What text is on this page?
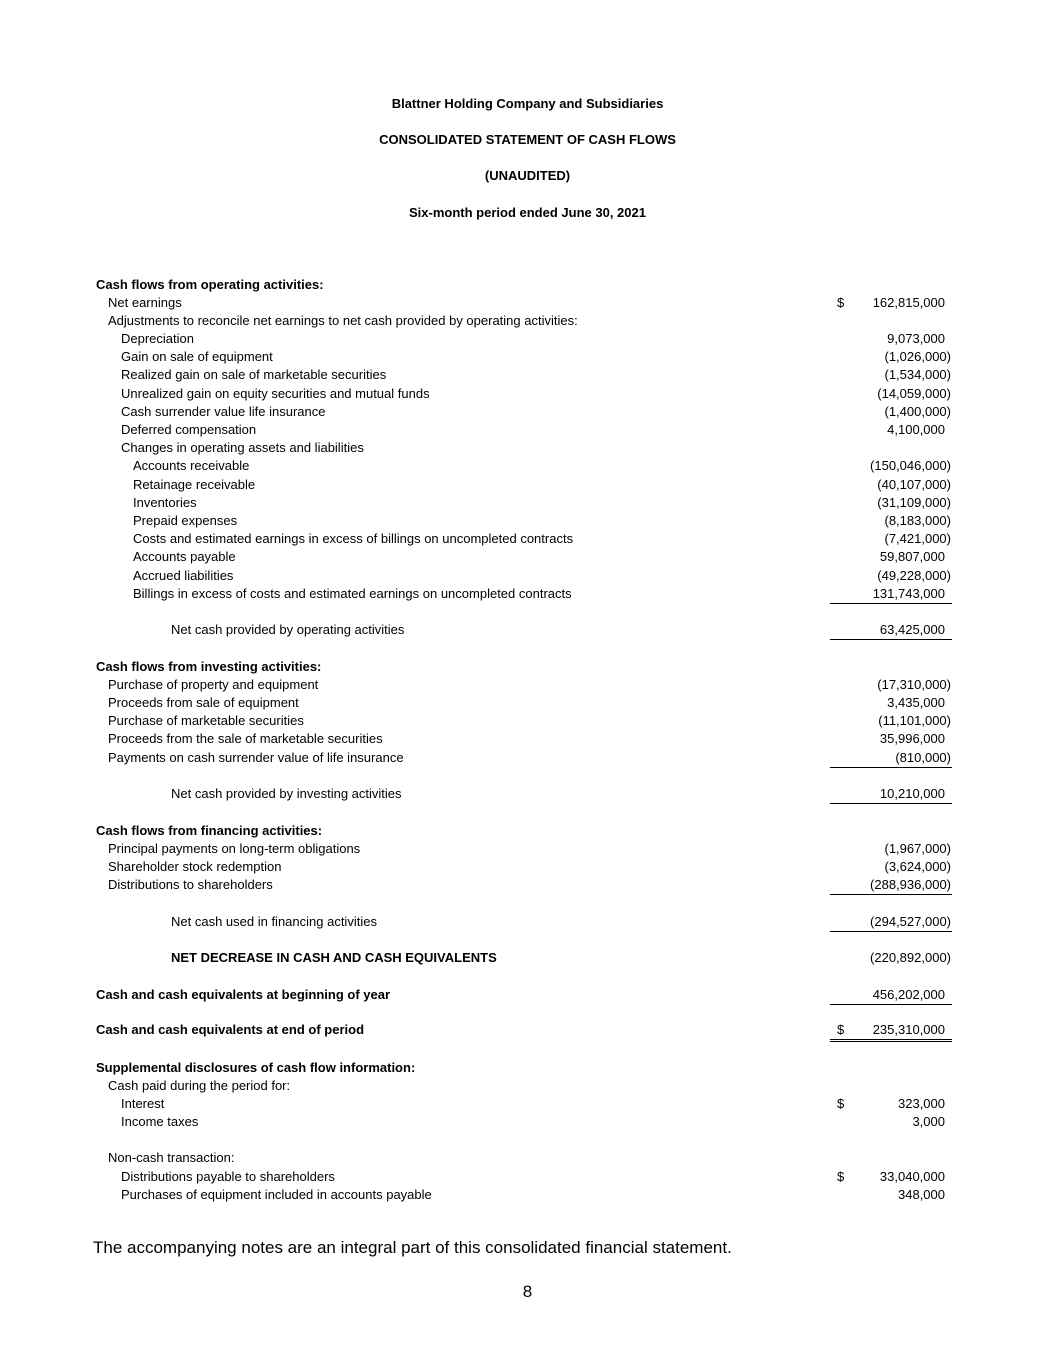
Blattner Holding Company and Subsidiaries
CONSOLIDATED STATEMENT OF CASH FLOWS
(UNAUDITED)
Six-month period ended June 30, 2021
Cash flows from operating activities:
Net earnings	$ 162,815,000
Adjustments to reconcile net earnings to net cash provided by operating activities:
Depreciation	9,073,000
Gain on sale of equipment	(1,026,000)
Realized gain on sale of marketable securities	(1,534,000)
Unrealized gain on equity securities and mutual funds	(14,059,000)
Cash surrender value life insurance	(1,400,000)
Deferred compensation	4,100,000
Changes in operating assets and liabilities
Accounts receivable	(150,046,000)
Retainage receivable	(40,107,000)
Inventories	(31,109,000)
Prepaid expenses	(8,183,000)
Costs and estimated earnings in excess of billings on uncompleted contracts	(7,421,000)
Accounts payable	59,807,000
Accrued liabilities	(49,228,000)
Billings in excess of costs and estimated earnings on uncompleted contracts	131,743,000
Net cash provided by operating activities	63,425,000
Cash flows from investing activities:
Purchase of property and equipment	(17,310,000)
Proceeds from sale of equipment	3,435,000
Purchase of marketable securities	(11,101,000)
Proceeds from the sale of marketable securities	35,996,000
Payments on cash surrender value of life insurance	(810,000)
Net cash provided by investing activities	10,210,000
Cash flows from financing activities:
Principal payments on long-term obligations	(1,967,000)
Shareholder stock redemption	(3,624,000)
Distributions to shareholders	(288,936,000)
Net cash used in financing activities	(294,527,000)
NET DECREASE IN CASH AND CASH EQUIVALENTS	(220,892,000)
Cash and cash equivalents at beginning of year	456,202,000
Cash and cash equivalents at end of period	$ 235,310,000
Supplemental disclosures of cash flow information:
Cash paid during the period for:
Interest	$	323,000
Income taxes	3,000
Non-cash transaction:
Distributions payable to shareholders	$	33,040,000
Purchases of equipment included in accounts payable	348,000
The accompanying notes are an integral part of this consolidated financial statement.
8
